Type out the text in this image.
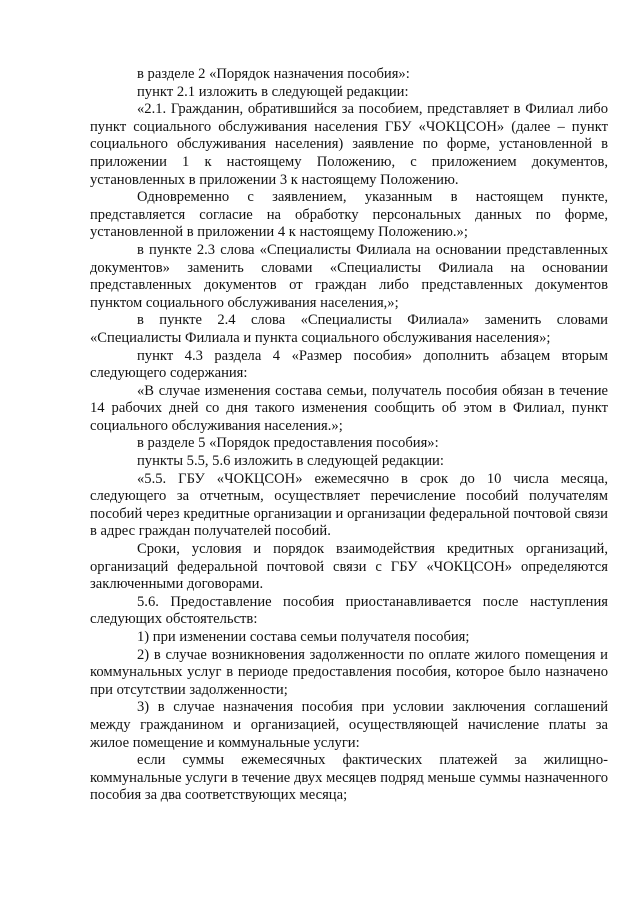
в разделе 2 «Порядок назначения пособия»:

пункт 2.1 изложить в следующей редакции:

«2.1. Гражданин, обратившийся за пособием, представляет в Филиал либо пункт социального обслуживания населения ГБУ «ЧОКЦСОН» (далее – пункт социального обслуживания населения) заявление по форме, установленной в приложении 1 к настоящему Положению, с приложением документов, установленных в приложении 3 к настоящему Положению.

Одновременно с заявлением, указанным в настоящем пункте, представляется согласие на обработку персональных данных по форме, установленной в приложении 4 к настоящему Положению.»;

в пункте 2.3 слова «Специалисты Филиала на основании представленных документов» заменить словами «Специалисты Филиала на основании представленных документов от граждан либо представленных документов пунктом социального обслуживания населения,»;

в пункте 2.4 слова «Специалисты Филиала» заменить словами «Специалисты Филиала и пункта социального обслуживания населения»;

пункт 4.3 раздела 4 «Размер пособия» дополнить абзацем вторым следующего содержания:

«В случае изменения состава семьи, получатель пособия обязан в течение 14 рабочих дней со дня такого изменения сообщить об этом в Филиал, пункт социального обслуживания населения.»;

в разделе 5 «Порядок предоставления пособия»:

пункты 5.5, 5.6 изложить в следующей редакции:

«5.5. ГБУ «ЧОКЦСОН» ежемесячно в срок до 10 числа месяца, следующего за отчетным, осуществляет перечисление пособий получателям пособий через кредитные организации и организации федеральной почтовой связи в адрес граждан получателей пособий.

Сроки, условия и порядок взаимодействия кредитных организаций, организаций федеральной почтовой связи с ГБУ «ЧОКЦСОН» определяются заключенными договорами.

5.6. Предоставление пособия приостанавливается после наступления следующих обстоятельств:

1) при изменении состава семьи получателя пособия;

2) в случае возникновения задолженности по оплате жилого помещения и коммунальных услуг в периоде предоставления пособия, которое было назначено при отсутствии задолженности;

3) в случае назначения пособия при условии заключения соглашений между гражданином и организацией, осуществляющей начисление платы за жилое помещение и коммунальные услуги:

если суммы ежемесячных фактических платежей за жилищно-коммунальные услуги в течение двух месяцев подряд меньше суммы назначенного пособия за два соответствующих месяца;
